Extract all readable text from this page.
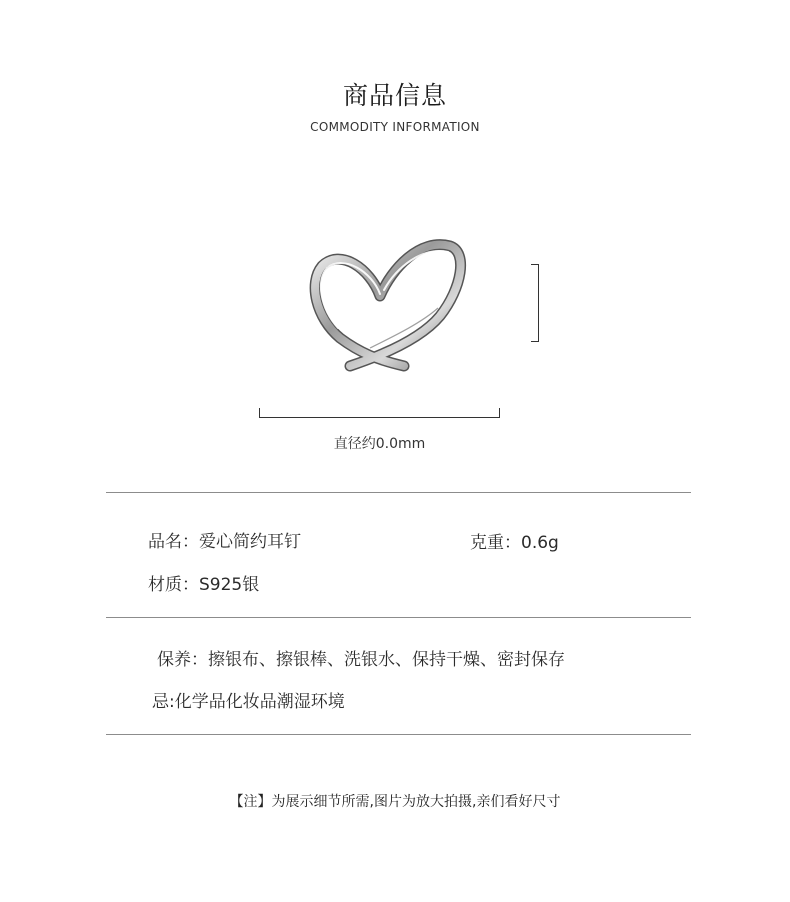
商品信息
COMMODITY INFORMATION
直径约0.0mm
品名：爱心简约耳钉	克重：0.6g
材质：S925银
保养：擦银布、擦银棒、洗银水、保持干燥、密封保存
忌:化学品化妆品潮湿环境
【注】为展示细节所需,图片为放大拍摄,亲们看好尺寸
